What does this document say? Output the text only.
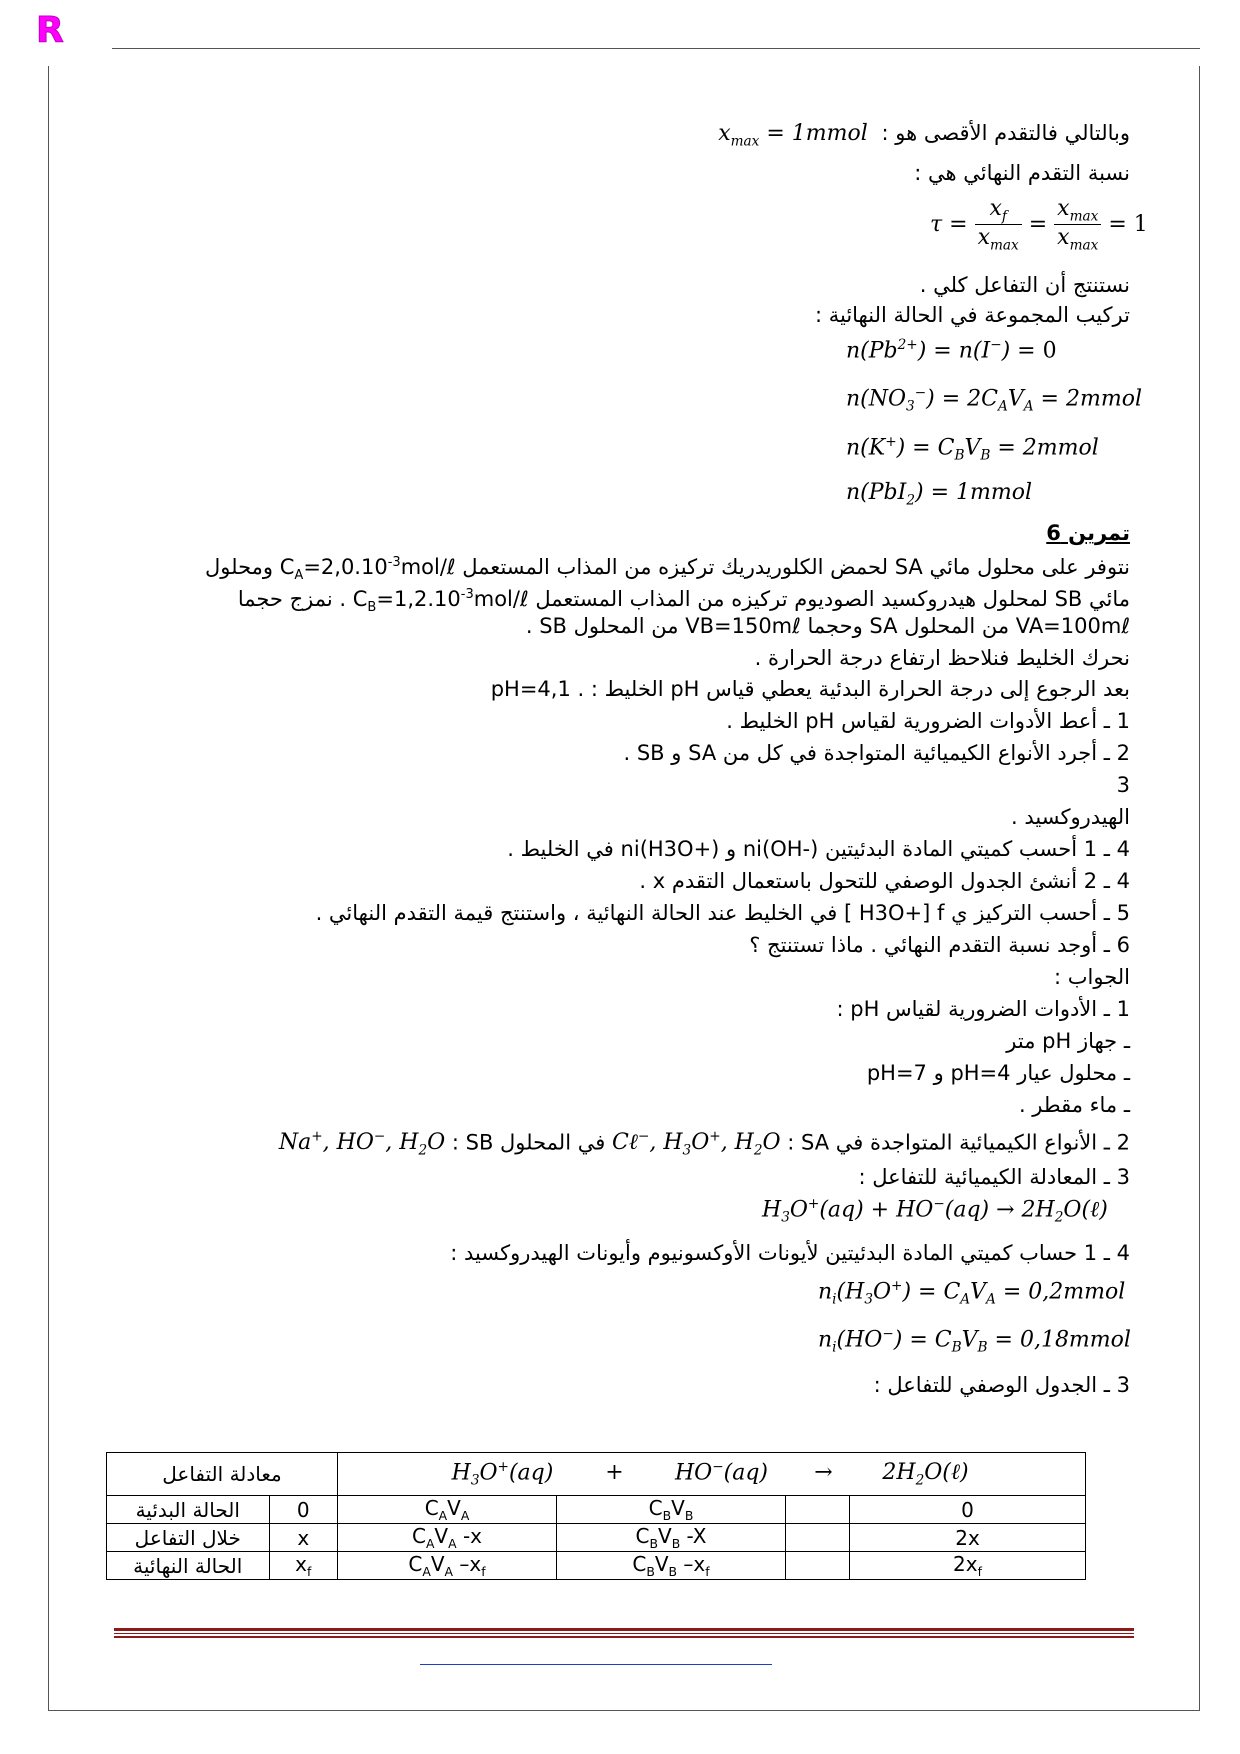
R
وبالتالي فالتقدم الأقصى هو :  $x_{max}$ = 1mmol
نسبة التقدم النهائي هي :
$\tau = \frac{x_f}{x_{max}} = \frac{x_{max}}{x_{max}} = 1$
نستنتج أن التفاعل كلي .
تركيب المجموعة في الحالة النهائية :
$n(Pb^{2+}) = n(I^-) = 0$
$n(NO_3^-) = 2C_AV_A$ = 2mmol
$n(K^+) = C_BV_B$ = 2mmol
n(PbI$_2$) = 1mmol
تمرين 6
نتوفر على محلول مائي SA لحمض الكلوريدريك تركيزه من المذاب المستعمل $C_A=2,0.10^{-3}mol/\ell$ ومحلول
مائي SB لمحلول هيدروكسيد الصوديوم تركيزه من المذاب المستعمل $C_B=1,2.10^{-3}mol/\ell$ . نمزج حجما
VA=100mℓ من المحلول SA وحجما VB=150mℓ من المحلول SB .
نحرك الخليط فنلاحظ ارتفاع درجة الحرارة .
بعد الرجوع إلى درجة الحرارة البدئية يعطي قياس pH الخليط : pH=4,1 .
1 ـ أعط الأدوات الضرورية لقياس pH الخليط .
2 ـ أجرد الأنواع الكيميائية المتواجدة في كل من SA و SB .
3
الهيدروكسيد .
4 ـ 1 أحسب كميتي المادة البدئيتين ni(H3O+) و ni(OH-) في الخليط .
4 ـ 2 أنشئ الجدول الوصفي للتحول باستعمال التقدم x .
5 ـ أحسب التركيز ي [ H3O+] f في الخليط عند الحالة النهائية ، واستنتج قيمة التقدم النهائي .
6 ـ أوجد نسبة التقدم النهائي . ماذا تستنتج ؟
الجواب :
1 ـ الأدوات الضرورية لقياس pH :
ـ جهاز pH متر
ـ محلول عيار pH=7 و pH=4
ـ ماء مقطر .
2 ـ الأنواع الكيميائية المتواجدة في SA : Cℓ−, $H_3O^+$, $H_2O$ في المحلول SB : Na+, HO−, $H_2O$
3 ـ المعادلة الكيميائية للتفاعل :
$H_3O^+(aq) + HO^-(aq)$ → $2H_2O(\ell)$
4 ـ 1 حساب كميتي المادة البدئيتين لأيونات الأوكسونيوم وأيونات الهيدروكسيد :
$n_i(H_3O^+) = C_AV_A$ = 0,2mmol
$n_i(HO^-) = C_BV_B$ = 0,18mmol
3 ـ الجدول الوصفي للتفاعل :
معادلة التفاعل		$H_3O^+(aq) + HO^-(aq)$ → $2H_2O(\ell)$			
الحالة البدئية	0	$C_AV_A$	$C_BV_B$		0
خلال التفاعل	x	$C_AV_A$ -x	$C_BV_B$ -X		2x
الحالة النهائية	$x_f$	$C_AV_A$ $-x_f$	$C_BV_B$ $-x_f$		$2x_f$
